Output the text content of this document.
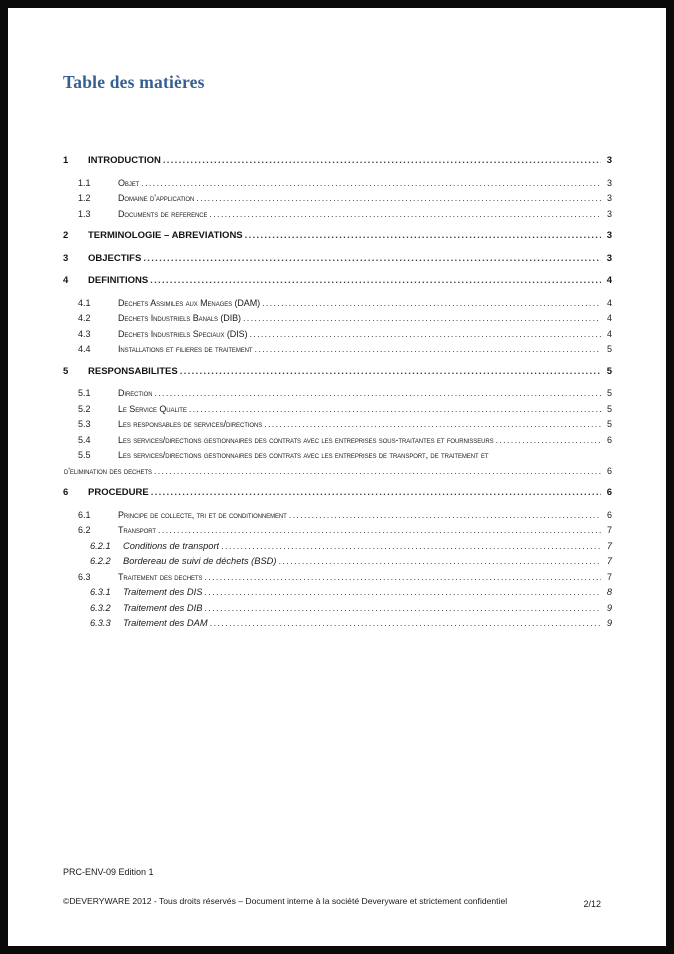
Table des matières
1	INTRODUCTION .....	3
1.1	Objet .....	3
1.2	Domaine d'application .....	3
1.3	Documents de reference .....	3
2	TERMINOLOGIE – ABREVIATIONS .....	3
3	OBJECTIFS .....	3
4	DEFINITIONS .....	4
4.1	Dechets Assimiles aux Menages (DAM) .....	4
4.2	Dechets Industriels Banals (DIB) .....	4
4.3	Dechets Industriels Speciaux (DIS) .....	4
4.4	Installations et filieres de traitement .....	5
5	RESPONSABILITES .....	5
5.1	Direction .....	5
5.2	Le Service Qualite .....	5
5.3	Les responsables de services/directions .....	5
5.4	Les services/directions gestionnaires des contrats avec les entreprises sous-traitantes et fournisseurs .....	6
5.5	Les services/directions gestionnaires des contrats avec les entreprises de transport, de traitement et
d'elimination des dechets .....	6
6	PROCEDURE .....	6
6.1	Principe de collecte, tri et de conditionnement .....	6
6.2	Transport .....	7
6.2.1	Conditions de transport .....	7
6.2.2	Bordereau de suivi de déchets (BSD) .....	7
6.3	Traitement des dechets .....	7
6.3.1	Traitement des DIS .....	8
6.3.2	Traitement des DIB .....	9
6.3.3	Traitement des DAM .....	9
PRC-ENV-09 Edition 1
©DEVERYWARE 2012 - Tous droits réservés – Document interne à la société Deveryware et strictement confidentiel	2/12
